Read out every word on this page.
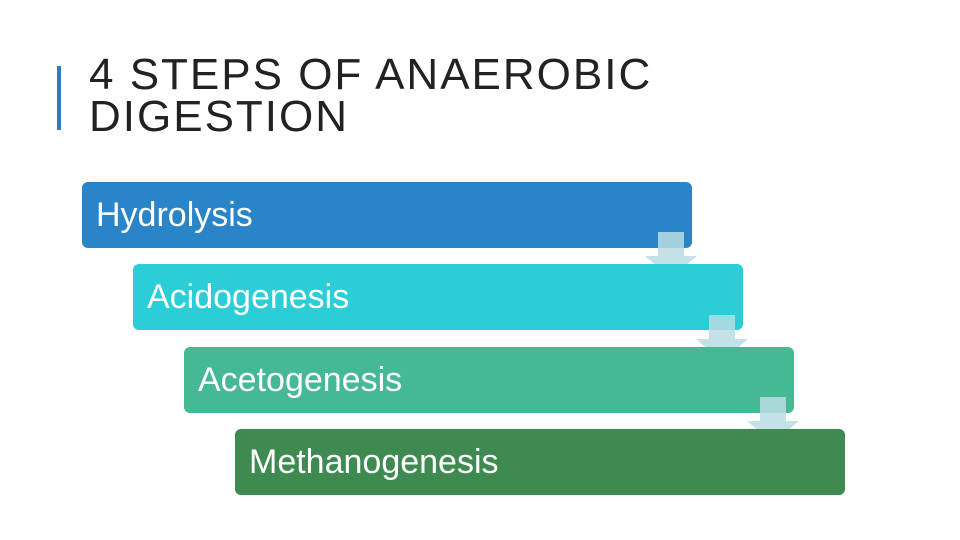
4 STEPS OF ANAEROBIC DIGESTION
Hydrolysis
Acidogenesis
Acetogenesis
Methanogenesis
